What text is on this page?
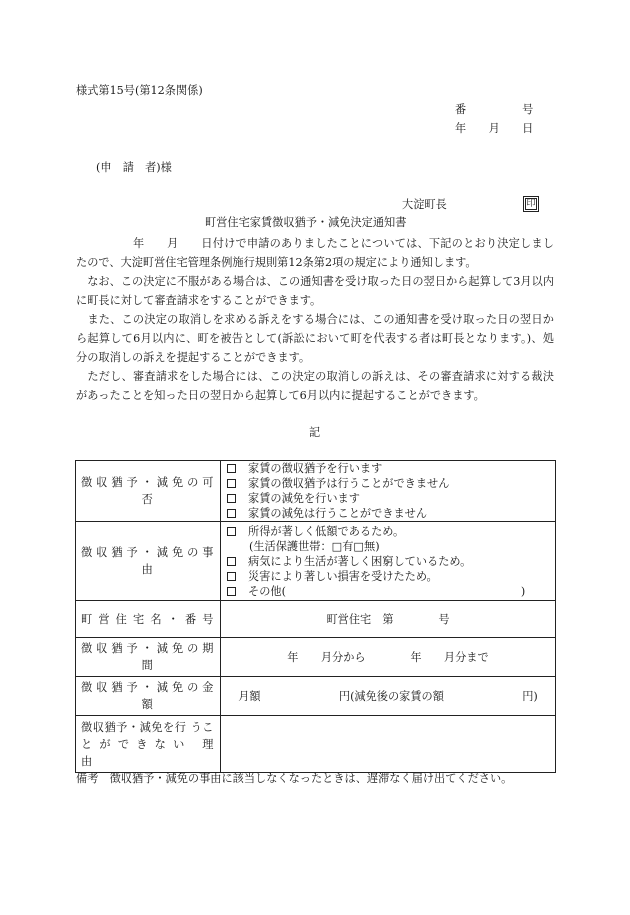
様式第15号(第12条関係)
番　　　　　号
年　　月　　日
(申　請　者)様
大淀町長	印
町営住宅家賃徴収猶予・減免決定通知書
　　　　　年　　月　　日付けで申請のありましたことについては、下記のとおり決定しましたので、大淀町営住宅管理条例施行規則第12条第2項の規定により通知します。
　なお、この決定に不服がある場合は、この通知書を受け取った日の翌日から起算して3月以内に町長に対して審査請求をすることができます。
　また、この決定の取消しを求める訴えをする場合には、この通知書を受け取った日の翌日から起算して6月以内に、町を被告として(訴訟において町を代表する者は町長となります。)、処分の取消しの訴えを提起することができます。
　ただし、審査請求をした場合には、この決定の取消しの訴えは、その審査請求に対する裁決があったことを知った日の翌日から起算して6月以内に提起することができます。
記
徴収猶予・減免の可
否	家賃の徴収猶予を行います
家賃の徴収猶予は行うことができません
家賃の減免を行います
家賃の減免は行うことができません

徴収猶予・減免の事
由	所得が著しく低額であるため。
(生活保護世帯：□有□無)
病気により生活が著しく困窮しているため。
災害により著しい損害を受けたため。
その他(　　　　　　　　　　　　　　　　　　　　　)

町営住宅名・番号	町営住宅　第　　　　号
徴収猶予・減免の期
間	年　　月分から　　　　年　　月分まで
徴収猶予・減免の金
額	月額　　　　　　　円(減免後の家賃の額　　　　　　　円)
徴収猶予・減免を行 うことができない 理　　　　　　　由	
備考　徴収猶予・減免の事由に該当しなくなったときは、遅滞なく届け出てください。
